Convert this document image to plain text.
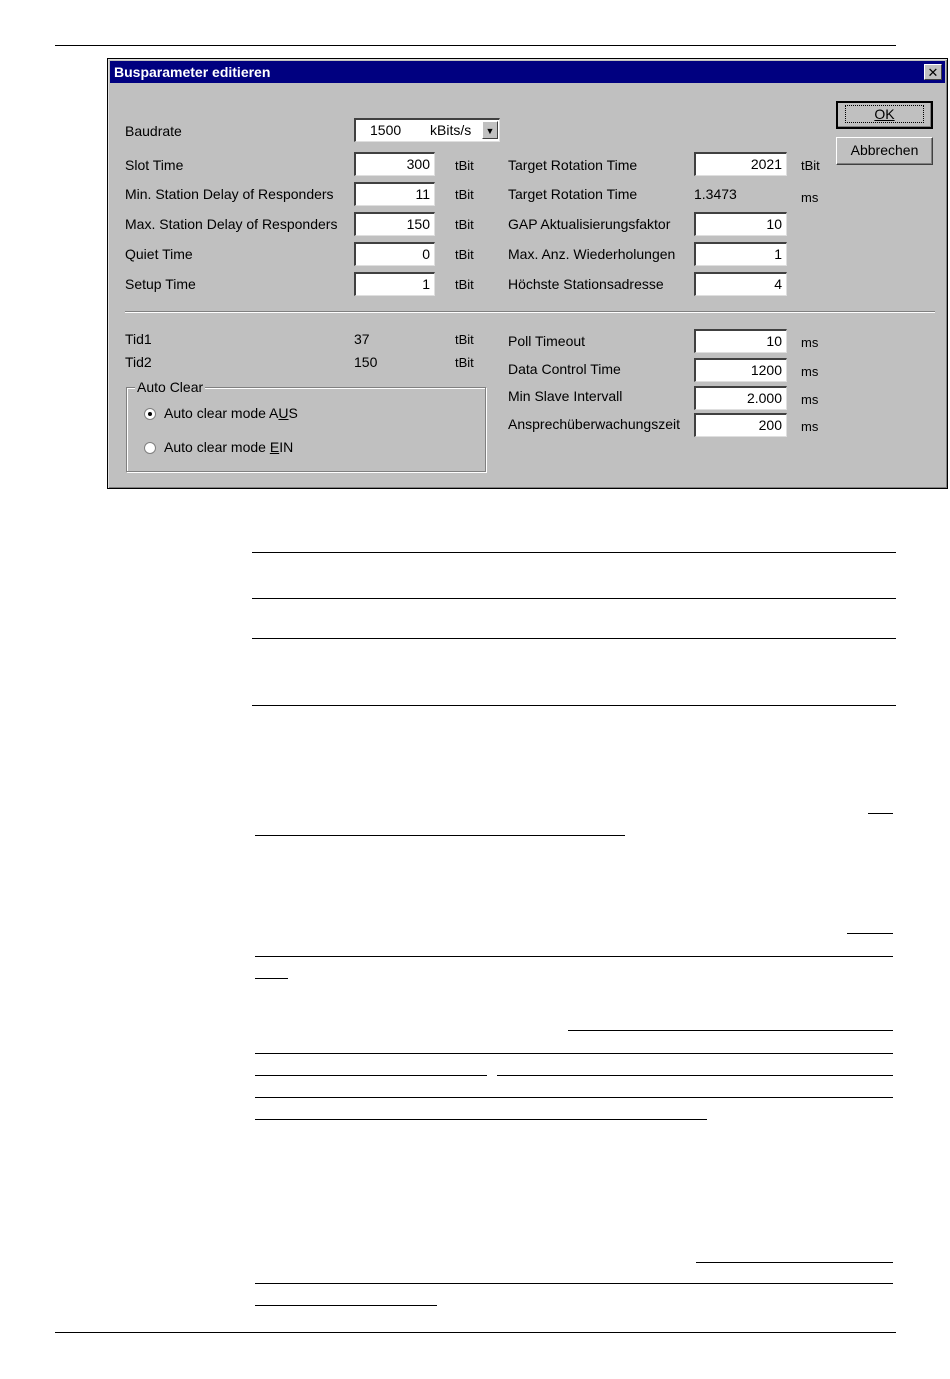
Busparameter editieren	✕
OK
Abbrechen
Baudrate	1500 kBits/s	▼
Slot Time	300	tBit
Min. Station Delay of Responders	11	tBit
Max. Station Delay of Responders	150	tBit
Quiet Time	0	tBit
Setup Time	1	tBit
Target Rotation Time	2021	tBit
Target Rotation Time	1.3473	ms
GAP Aktualisierungsfaktor	10
Max. Anz. Wiederholungen	1
Höchste Stationsadresse	4
Tid1	37	tBit
Tid2	150	tBit
Poll Timeout	10	ms
Data Control Time	1200	ms
Min Slave Intervall	2.000	ms
Ansprechüberwachungszeit	200	ms
Auto Clear
Auto clear mode AUS
Auto clear mode EIN
